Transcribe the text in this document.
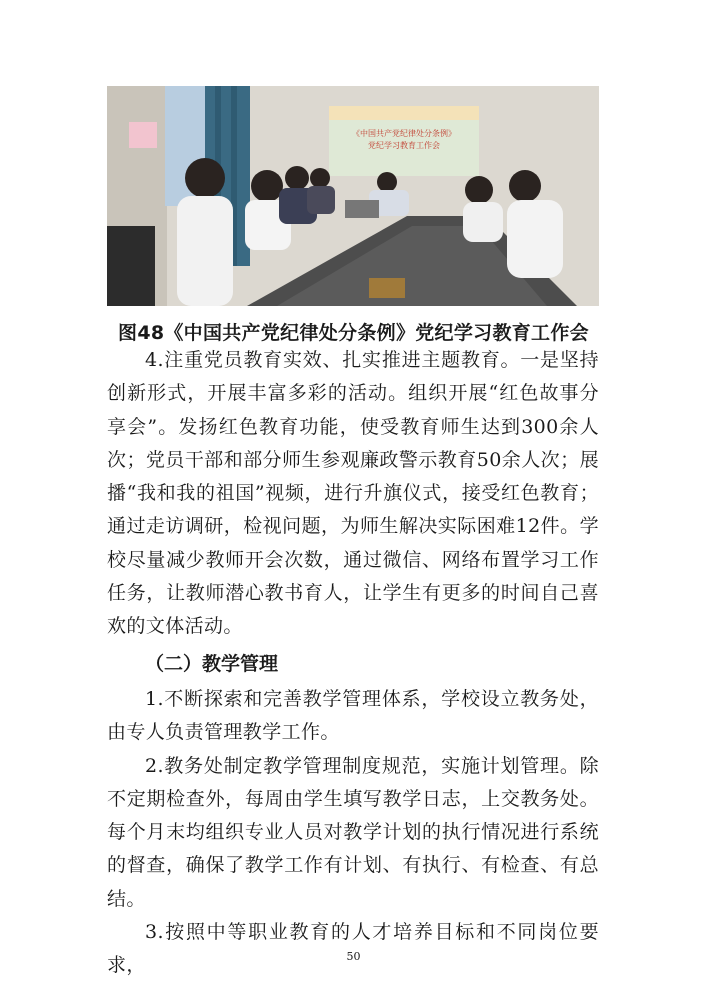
《中国共产党纪律处分条例》
党纪学习教育工作会
图48《中国共产党纪律处分条例》党纪学习教育工作会

4.注重党员教育实效、扎实推进主题教育。一是坚持创新形式，开展丰富多彩的活动。组织开展“红色故事分享会”。发扬红色教育功能，使受教育师生达到300余人次；党员干部和部分师生参观廉政警示教育50余人次；展播“我和我的祖国”视频，进行升旗仪式，接受红色教育；通过走访调研，检视问题，为师生解决实际困难12件。学校尽量减少教师开会次数，通过微信、网络布置学习工作任务，让教师潜心教书育人，让学生有更多的时间自己喜欢的文体活动。

（二）教学管理

1.不断探索和完善教学管理体系，学校设立教务处，由专人负责管理教学工作。

2.教务处制定教学管理制度规范，实施计划管理。除不定期检查外，每周由学生填写教学日志，上交教务处。每个月末均组织专业人员对教学计划的执行情况进行系统的督查，确保了教学工作有计划、有执行、有检查、有总结。

3.按照中等职业教育的人才培养目标和不同岗位要求，	50
